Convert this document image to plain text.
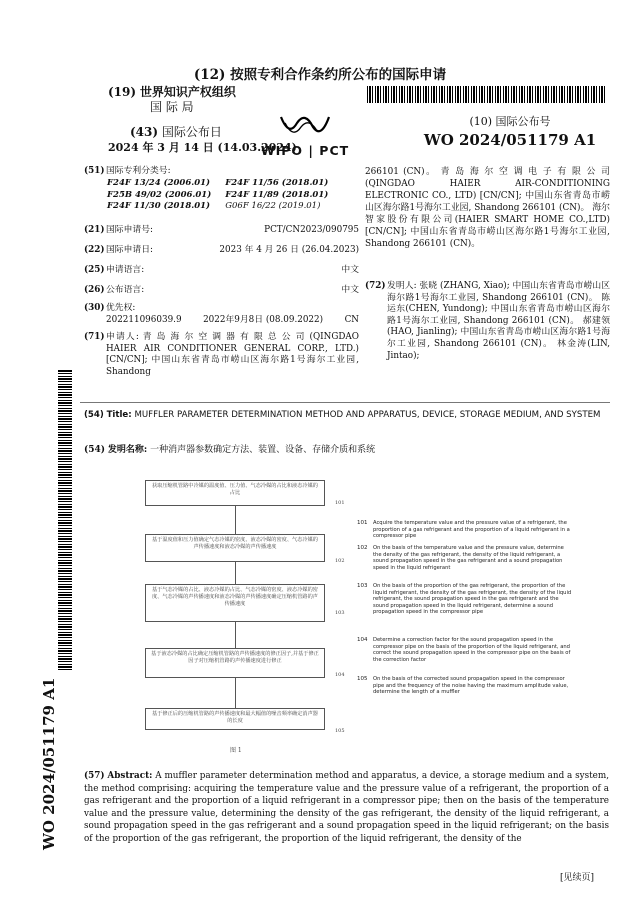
(12) 按照专利合作条约所公布的国际申请
(19) 世界知识产权组织
国 际 局
(43) 国际公布日
2024 年 3 月 14 日 (14.03.2024)
WIPO | PCT
(10) 国际公布号
WO 2024/051179 A1
(51)国际专利分类号:
F24F 13/24 (2006.01)	F24F 11/56 (2018.01)
F25B 49/02 (2006.01)	F24F 11/89 (2018.01)
F24F 11/30 (2018.01)	G06F 16/22 (2019.01)
(21)国际申请号:	PCT/CN2023/090795
(22)国际申请日:	2023 年 4 月 26 日 (26.04.2023)
(25)申请语言:	中文
(26)公布语言:	中文
(30)优先权:
202211096039.9 2022年9月8日 (08.09.2022) CN
(71) 申请人: 青 岛 海 尔 空 调 器 有 限 总 公 司 (QINGDAO HAIER AIR CONDITIONER GENERAL CORP., LTD.) [CN/CN]; 中国山东省青岛市崂山区海尔路1号海尔工业园, Shandong
266101 (CN)。 青 岛 海 尔 空 调 电 子 有 限 公 司 (QINGDAO HAIER AIR-CONDITIONING ELECTRONIC CO., LTD) [CN/CN]; 中国山东省青岛市崂山区海尔路1号海尔工业园, Shandong 266101 (CN)。 海尔智家股份有限公司(HAIER SMART HOME CO.,LTD) [CN/CN]; 中国山东省青岛市崂山区海尔路1号海尔工业园, Shandong 266101 (CN)。
(72) 发明人: 张晓 (ZHANG, Xiao); 中国山东省青岛市崂山区海尔路1号海尔工业园, Shandong 266101 (CN)。 陈运东(CHEN, Yundong); 中国山东省青岛市崂山区海尔路1号海尔工业园, Shandong 266101 (CN)。 郝建领(HAO, Jianling); 中国山东省青岛市崂山区海尔路1号海尔工业园, Shandong 266101 (CN)。 林金涛(LIN, Jintao);
(54) Title: MUFFLER PARAMETER DETERMINATION METHOD AND APPARATUS, DEVICE, STORAGE MEDIUM, AND SYSTEM
(54) 发明名称: 一种消声器参数确定方法、装置、设备、存储介质和系统
获取压缩机管路中冷媒的温度值、压力值、气态冷媒的占比和液态冷媒的占比
101
基于温度值和压力值确定气态冷媒的密度、液态冷媒的密度、气态冷媒的声传播速度和液态冷媒的声传播速度
102
基于气态冷媒的占比、液态冷媒的占比、气态冷媒的密度、液态冷媒的密度、气态冷媒的声传播速度和液态冷媒的声传播速度确定压缩机管路的声传播速度
103
基于液态冷媒的占比确定压缩机管路的声传播速度的修正因子,并基于修正因子对压缩机管路的声传播速度进行修正
104
基于修正后的压缩机管路的声传播速度和最大幅值的噪音频率确定消声器的长度
105
图 1
101 Acquire the temperature value and the pressure value of a refrigerant, the proportion of a gas refrigerant and the proportion of a liquid refrigerant in a compressor pipe
102 On the basis of the temperature value and the pressure value, determine the density of the gas refrigerant, the density of the liquid refrigerant, a sound propagation speed in the gas refrigerant and a sound propagation speed in the liquid refrigerant
103 On the basis of the proportion of the gas refrigerant, the proportion of the liquid refrigerant, the density of the gas refrigerant, the density of the liquid refrigerant, the sound propagation speed in the gas refrigerant and the sound propagation speed in the liquid refrigerant, determine a sound propagation speed in the compressor pipe
104 Determine a correction factor for the sound propagation speed in the compressor pipe on the basis of the proportion of the liquid refrigerant, and correct the sound propagation speed in the compressor pipe on the basis of the correction factor
105 On the basis of the corrected sound propagation speed in the compressor pipe and the frequency of the noise having the maximum amplitude value, determine the length of a muffler
(57) Abstract: A muffler parameter determination method and apparatus, a device, a storage medium and a system, the method comprising: acquiring the temperature value and the pressure value of a refrigerant, the proportion of a gas refrigerant and the proportion of a liquid refrigerant in a compressor pipe; then on the basis of the temperature value and the pressure value, determining the density of the gas refrigerant, the density of the liquid refrigerant, a sound propagation speed in the gas refrigerant and a sound propagation speed in the liquid refrigerant; on the basis of the proportion of the gas refrigerant, the proportion of the liquid refrigerant, the density of the
WO 2024/051179 A1
[见续页]
